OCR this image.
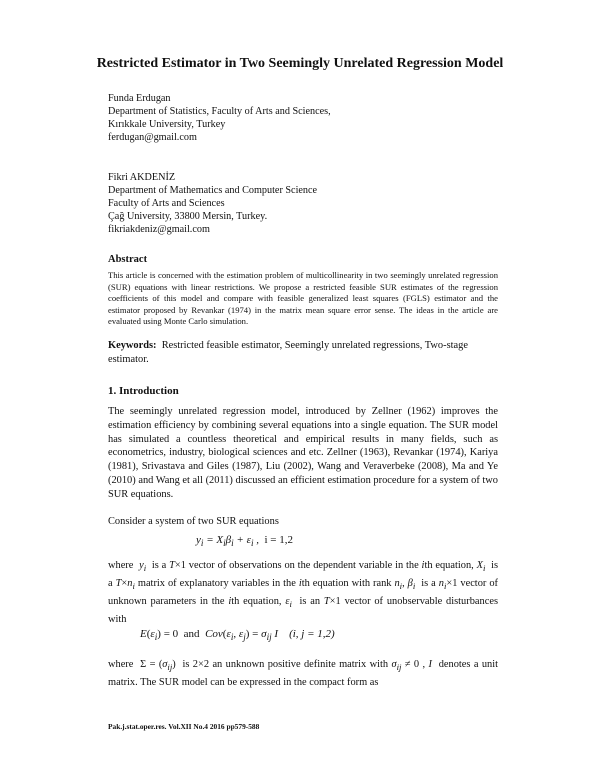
Restricted Estimator in Two Seemingly Unrelated Regression Model
Funda Erdugan
Department of Statistics, Faculty of Arts and Sciences,
Kırıkkale University, Turkey
ferdugan@gmail.com
Fikri AKDENİZ
Department of Mathematics and Computer Science
Faculty of Arts and Sciences
Çağ University, 33800 Mersin, Turkey.
fikriakdeniz@gmail.com
Abstract
This article is concerned with the estimation problem of multicollinearity in two seemingly unrelated regression (SUR) equations with linear restrictions. We propose a restricted feasible SUR estimates of the regression coefficients of this model and compare with feasible generalized least squares (FGLS) estimator and the estimator proposed by Revankar (1974) in the matrix mean square error sense. The ideas in the article are evaluated using Monte Carlo simulation.
Keywords: Restricted feasible estimator, Seemingly unrelated regressions, Two-stage estimator.
1. Introduction
The seemingly unrelated regression model, introduced by Zellner (1962) improves the estimation efficiency by combining several equations into a single equation. The SUR model has simulated a countless theoretical and empirical results in many fields, such as econometrics, industry, biological sciences and etc. Zellner (1963), Revankar (1974), Kariya (1981), Srivastava and Giles (1987), Liu (2002), Wang and Veraverbeke (2008), Ma and Ye (2010) and Wang et all (2011) discussed an efficient estimation procedure for a system of two SUR equations.
Consider a system of two SUR equations
$y_i = X_i\beta_i + \varepsilon_i$ ,  i = 1,2
where $y_i$ is a T×1 vector of observations on the dependent variable in the ith equation, $X_i$ is a $T\times n_i$ matrix of explanatory variables in the ith equation with rank $n_i$, $\beta_i$ is a $n_i\times 1$ vector of unknown parameters in the ith equation, $\varepsilon_i$ is an T×1 vector of unobservable disturbances with
$E(\varepsilon_i) = 0$  and $Cov(\varepsilon_i$, $\varepsilon_j) = \sigma_{ij}$ I (i, j = 1,2)
where  $\Sigma = (\sigma_{ij})$  is 2×2 an unknown positive definite matrix with $\sigma_{ij} \ne 0$ , I denotes a unit matrix. The SUR model can be expressed in the compact form as
Pak.j.stat.oper.res. Vol.XII No.4 2016 pp579-588
